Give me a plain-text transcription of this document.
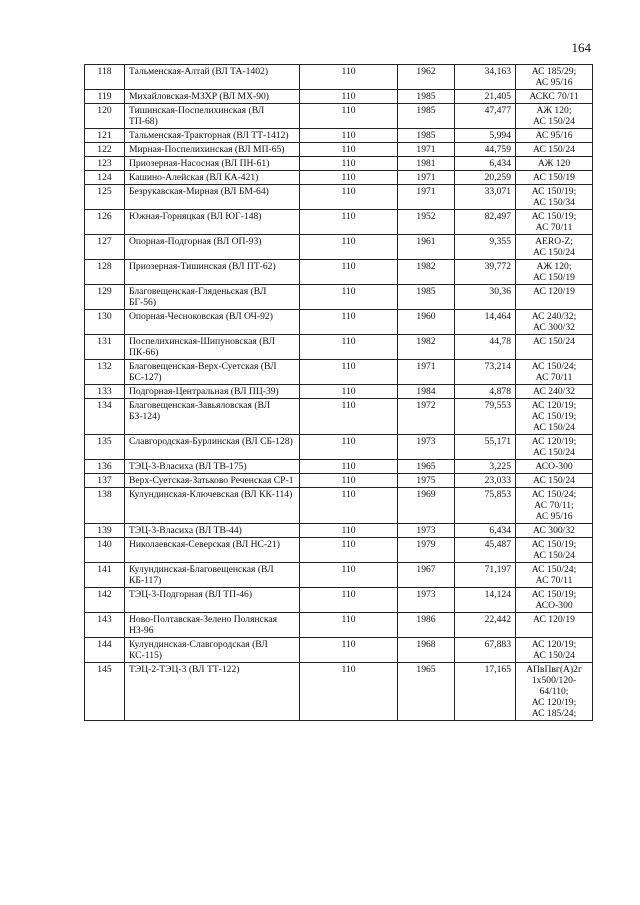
164
118	Тальменская-Алтай (ВЛ ТА-1402)	110	1962	34,163	АС 185/29;
АС 95/16

119	Михайловская-МЗХР (ВЛ МХ-90)	110	1985	21,405	АСКС 70/11

120	Тишинская-Поспелихинская (ВЛ ТП-68)	110	1985	47,477	АЖ 120;
АС 150/24

121	Тальменская-Тракторная (ВЛ ТТ-1412)	110	1985	5,994	АС 95/16

122	Мирная-Поспелихинская (ВЛ МП-65)	110	1971	44,759	АС 150/24

123	Приозерная-Насосная (ВЛ ПН-61)	110	1981	6,434	АЖ 120

124	Кашино-Алейская (ВЛ КА-421)	110	1971	20,259	АС 150/19

125	Безрукавская-Мирная (ВЛ БМ-64)	110	1971	33,071	АС 150/19;
АС 150/34

126	Южная-Горняцкая (ВЛ ЮГ-148)	110	1952	82,497	АС 150/19;
АС 70/11

127	Опорная-Подгорная (ВЛ ОП-93)	110	1961	9,355	AERO-Z;
АС 150/24

128	Приозерная-Тишинская (ВЛ ПТ-62)	110	1982	39,772	АЖ 120;
АС 150/19

129	Благовещенская-Гляденьская (ВЛ БГ-56)	110	1985	30,36	АС 120/19

130	Опорная-Чесноковская (ВЛ ОЧ-92)	110	1960	14,464	АС 240/32;
АС 300/32

131	Поспелихинская-Шипуновская (ВЛ ПК-66)	110	1982	44,78	АС 150/24

132	Благовещенская-Верх-Суетская (ВЛ БС-127)	110	1971	73,214	АС 150/24;
АС 70/11

133	Подгорная-Центральная (ВЛ ПЦ-39)	110	1984	4,878	АС 240/32

134	Благовещенская-Завьяловская (ВЛ БЗ-124)	110	1972	79,553	АС 120/19;
АС 150/19;
АС 150/24

135	Славгородская-Бурлинская (ВЛ СБ-128)	110	1973	55,171	АС 120/19;
АС 150/24

136	ТЭЦ-3-Власиха (ВЛ ТВ-175)	110	1965	3,225	АСО-300

137	Верх-Суетская-Затьково Реченская СР-1	110	1975	23,033	АС 150/24

138	Кулундинская-Ключевская (ВЛ КК-114)	110	1969	75,853	АС 150/24;
АС 70/11;
АС 95/16

139	ТЭЦ-3-Власиха (ВЛ ТВ-44)	110	1973	6,434	АС 300/32

140	Николаевская-Северская (ВЛ НС-21)	110	1979	45,487	АС 150/19;
АС 150/24

141	Кулундинская-Благовещенская (ВЛ КБ-117)	110	1967	71,197	АС 150/24;
АС 70/11

142	ТЭЦ-3-Подгорная (ВЛ ТП-46)	110	1973	14,124	АС 150/19;
АСО-300

143	Ново-Полтавская-Зелено Полянская НЗ-96	110	1986	22,442	АС 120/19

144	Кулундинская-Славгородская (ВЛ КС-115)	110	1968	67,883	АС 120/19;
АС 150/24

145	ТЭЦ-2-ТЭЦ-3 (ВЛ ТТ-122)	110	1965	17,165	АПвПвг(А)2г
1х500/120-
64/110;
АС 120/19;
АС 185/24;
